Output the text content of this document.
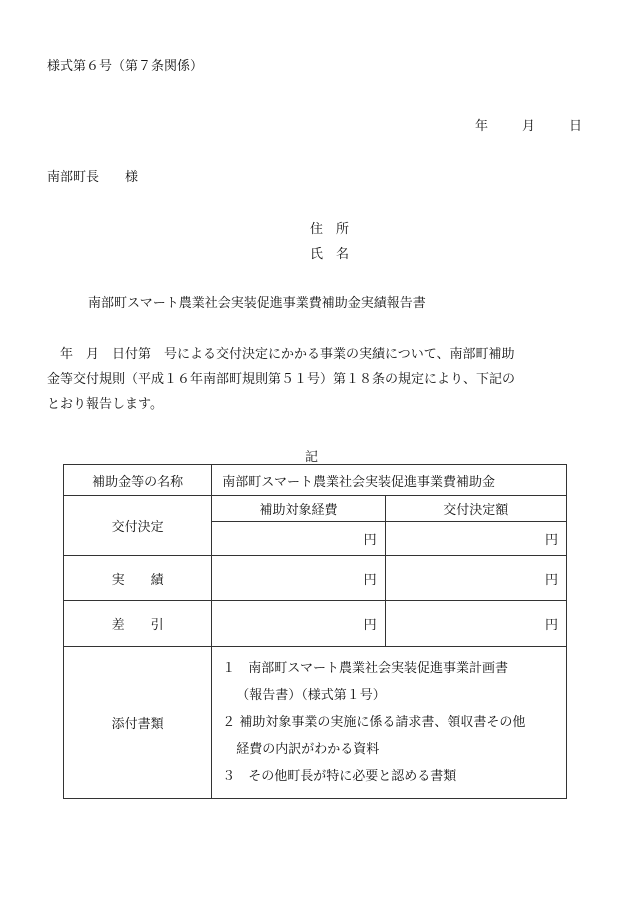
様式第６号（第７条関係）
年	月	日
南部町長　　様
住　所
氏　名
南部町スマート農業社会実装促進事業費補助金実績報告書

　年　月　日付第　号による交付決定にかかる事業の実績について、南部町補助

金等交付規則（平成１６年南部町規則第５１号）第１８条の規定により、下記の

とおり報告します。

記
補助金等の名称	南部町スマート農業社会実装促進事業費補助金	
交付決定	補助対象経費	交付決定額
	円	円
実　　績	円	円
差　　引	円	円
添付書類	１　南部町スマート農業社会実装促進事業計画書
（報告書）（様式第１号）
２ 補助対象事業の実施に係る請求書、領収書その他
経費の内訳がわかる資料
３　その他町長が特に必要と認める書類	
